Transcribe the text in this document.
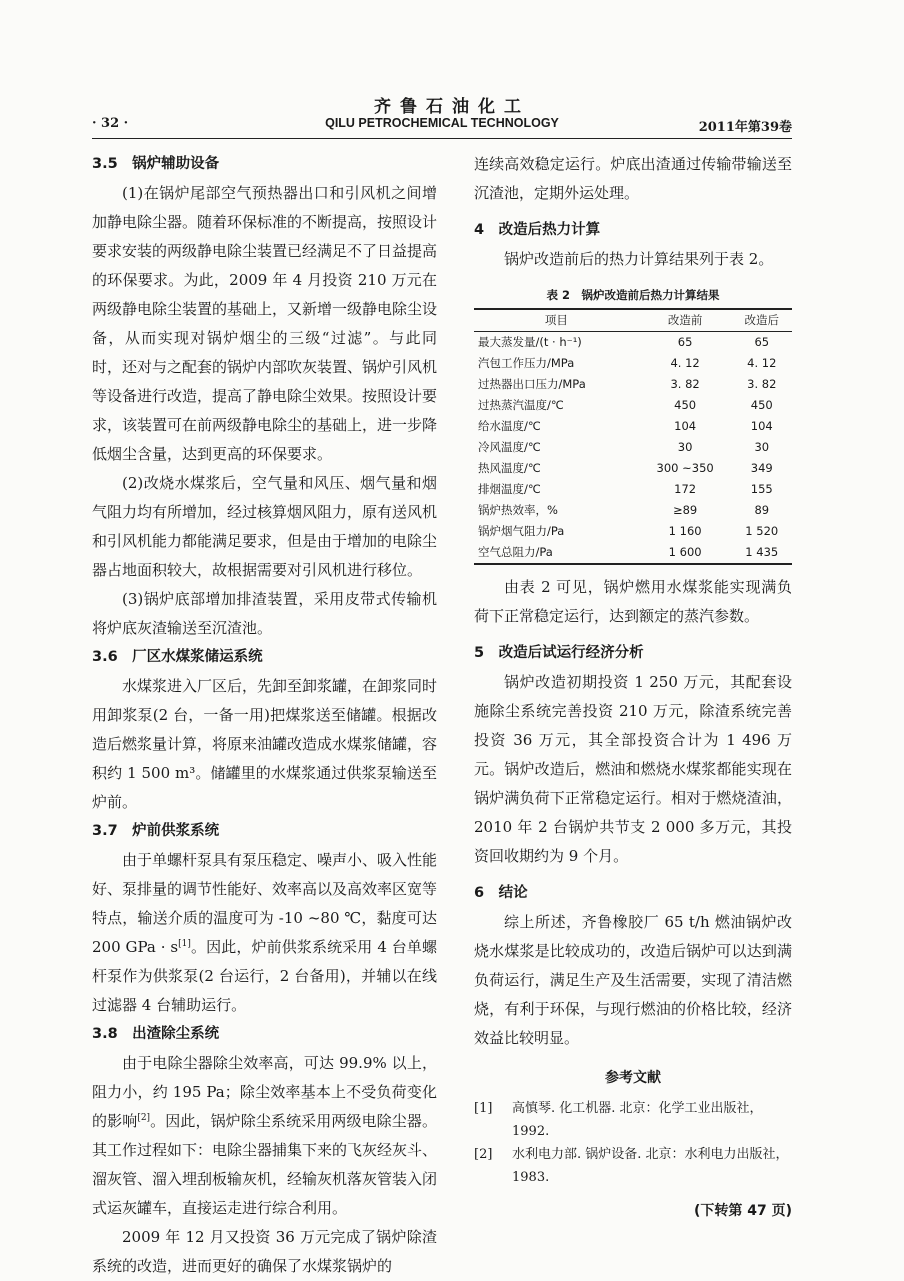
齐鲁石油化工
· 32 ·	QILU PETROCHEMICAL TECHNOLOGY	2011年第39卷
3.5　锅炉辅助设备

(1)在锅炉尾部空气预热器出口和引风机之间增加静电除尘器。随着环保标准的不断提高，按照设计要求安装的两级静电除尘装置已经满足不了日益提高的环保要求。为此，2009 年 4 月投资 210 万元在两级静电除尘装置的基础上，又新增一级静电除尘设备，从而实现对锅炉烟尘的三级“过滤”。与此同时，还对与之配套的锅炉内部吹灰装置、锅炉引风机等设备进行改造，提高了静电除尘效果。按照设计要求，该装置可在前两级静电除尘的基础上，进一步降低烟尘含量，达到更高的环保要求。

(2)改烧水煤浆后，空气量和风压、烟气量和烟气阻力均有所增加，经过核算烟风阻力，原有送风机和引风机能力都能满足要求，但是由于增加的电除尘器占地面积较大，故根据需要对引风机进行移位。

(3)锅炉底部增加排渣装置，采用皮带式传输机将炉底灰渣输送至沉渣池。

3.6　厂区水煤浆储运系统

水煤浆进入厂区后，先卸至卸浆罐，在卸浆同时用卸浆泵(2 台，一备一用)把煤浆送至储罐。根据改造后燃浆量计算，将原来油罐改造成水煤浆储罐，容积约 1 500 m³。储罐里的水煤浆通过供浆泵输送至炉前。

3.7　炉前供浆系统

由于单螺杆泵具有泵压稳定、噪声小、吸入性能好、泵排量的调节性能好、效率高以及高效率区宽等特点，输送介质的温度可为 -10 ~80 ℃，黏度可达 200 GPa · s[1]。因此，炉前供浆系统采用 4 台单螺杆泵作为供浆泵(2 台运行，2 台备用)，并辅以在线过滤器 4 台辅助运行。

3.8　出渣除尘系统

由于电除尘器除尘效率高，可达 99.9% 以上，阻力小，约 195 Pa；除尘效率基本上不受负荷变化的影响[2]。因此，锅炉除尘系统采用两级电除尘器。其工作过程如下：电除尘器捕集下来的飞灰经灰斗、溜灰管、溜入埋刮板输灰机，经输灰机落灰管装入闭式运灰罐车，直接运走进行综合利用。

2009 年 12 月又投资 36 万元完成了锅炉除渣系统的改造，进而更好的确保了水煤浆锅炉的

连续高效稳定运行。炉底出渣通过传输带输送至沉渣池，定期外运处理。

4　改造后热力计算

锅炉改造前后的热力计算结果列于表 2。

表 2　锅炉改造前后热力计算结果
项目	改造前	改造后
最大蒸发量/(t · h⁻¹)	65	65
汽包工作压力/MPa	4. 12	4. 12
过热器出口压力/MPa	3. 82	3. 82
过热蒸汽温度/℃	450	450
给水温度/℃	104	104
冷风温度/℃	30	30
热风温度/℃	300 ~350	349
排烟温度/℃	172	155
锅炉热效率，%	≥89	89
锅炉烟气阻力/Pa	1 160	1 520
空气总阻力/Pa	1 600	1 435

由表 2 可见，锅炉燃用水煤浆能实现满负荷下正常稳定运行，达到额定的蒸汽参数。

5　改造后试运行经济分析

锅炉改造初期投资 1 250 万元，其配套设施除尘系统完善投资 210 万元，除渣系统完善投资 36 万元，其全部投资合计为 1 496 万元。锅炉改造后，燃油和燃烧水煤浆都能实现在锅炉满负荷下正常稳定运行。相对于燃烧渣油，2010 年 2 台锅炉共节支 2 000 多万元，其投资回收期约为 9 个月。

6　结论

综上所述，齐鲁橡胶厂 65 t/h 燃油锅炉改烧水煤浆是比较成功的，改造后锅炉可以达到满负荷运行，满足生产及生活需要，实现了清洁燃烧，有利于环保，与现行燃油的价格比较，经济效益比较明显。

参考文献
[1]	高慎琴. 化工机器. 北京：化学工业出版社，1992.
[2]	水利电力部. 锅炉设备. 北京：水利电力出版社，1983.
(下转第 47 页)
